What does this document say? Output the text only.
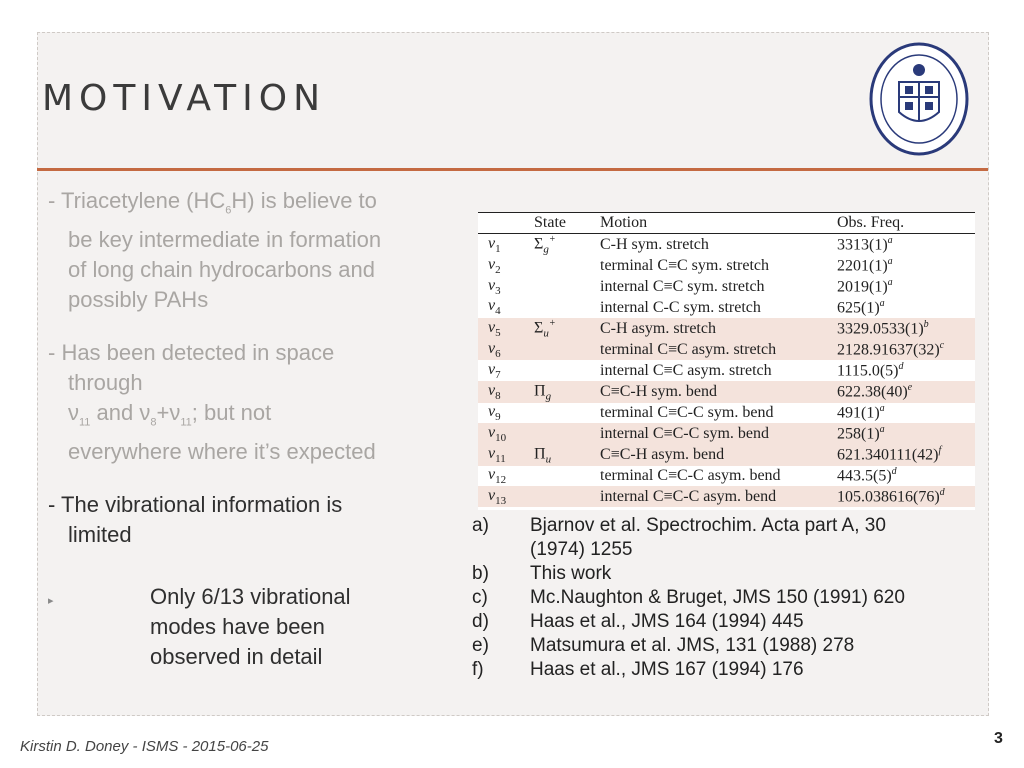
MOTIVATION
- Triacetylene $(HC_6H)$ is believe to
be key intermediate in formation
of long chain hydrocarbons and
possibly PAHs
- Has been detected in space
through
$\nu_{11}$ and $\nu_8+\nu_{11}$; but not
everywhere where it’s expected
- The vibrational information is
limited
▸	Only 6/13 vibrational
modes have been
observed in detail
	State	Motion	Obs. Freq.
$\nu_1$	$\Sigma_g^+$	C-H sym. stretch	$3313(1)^a$
$\nu_2$		terminal C≡C sym. stretch	$2201(1)^a$
$\nu_3$		internal C≡C sym. stretch	$2019(1)^a$
$\nu_4$		internal C-C sym. stretch	$625(1)^a$
$\nu_5$	$\Sigma_u^+$	C-H asym. stretch	$3329.0533(1)^b$
$\nu_6$		terminal C≡C asym. stretch	$2128.91637(32)^c$
$\nu_7$		internal C≡C asym. stretch	$1115.0(5)^d$
$\nu_8$	$\Pi_g$	C≡C-H sym. bend	$622.38(40)^e$
$\nu_9$		terminal C≡C-C sym. bend	$491(1)^a$
$\nu_{10}$		internal C≡C-C sym. bend	$258(1)^a$
$\nu_{11}$	$\Pi_u$	C≡C-H asym. bend	$621.340111(42)^f$
$\nu_{12}$		terminal C≡C-C asym. bend	$443.5(5)^d$
$\nu_{13}$		internal C≡C-C asym. bend	$105.038616(76)^d$
a)	Bjarnov et al. Spectrochim. Acta part A, 30
(1974) 1255
b)	This work
c)	Mc.Naughton & Bruget, JMS 150 (1991) 620
d)	Haas et al., JMS 164 (1994) 445
e)	Matsumura et al. JMS, 131 (1988) 278
f)	Haas et al., JMS 167 (1994) 176
Kirstin D. Doney - ISMS - 2015-06-25	3
